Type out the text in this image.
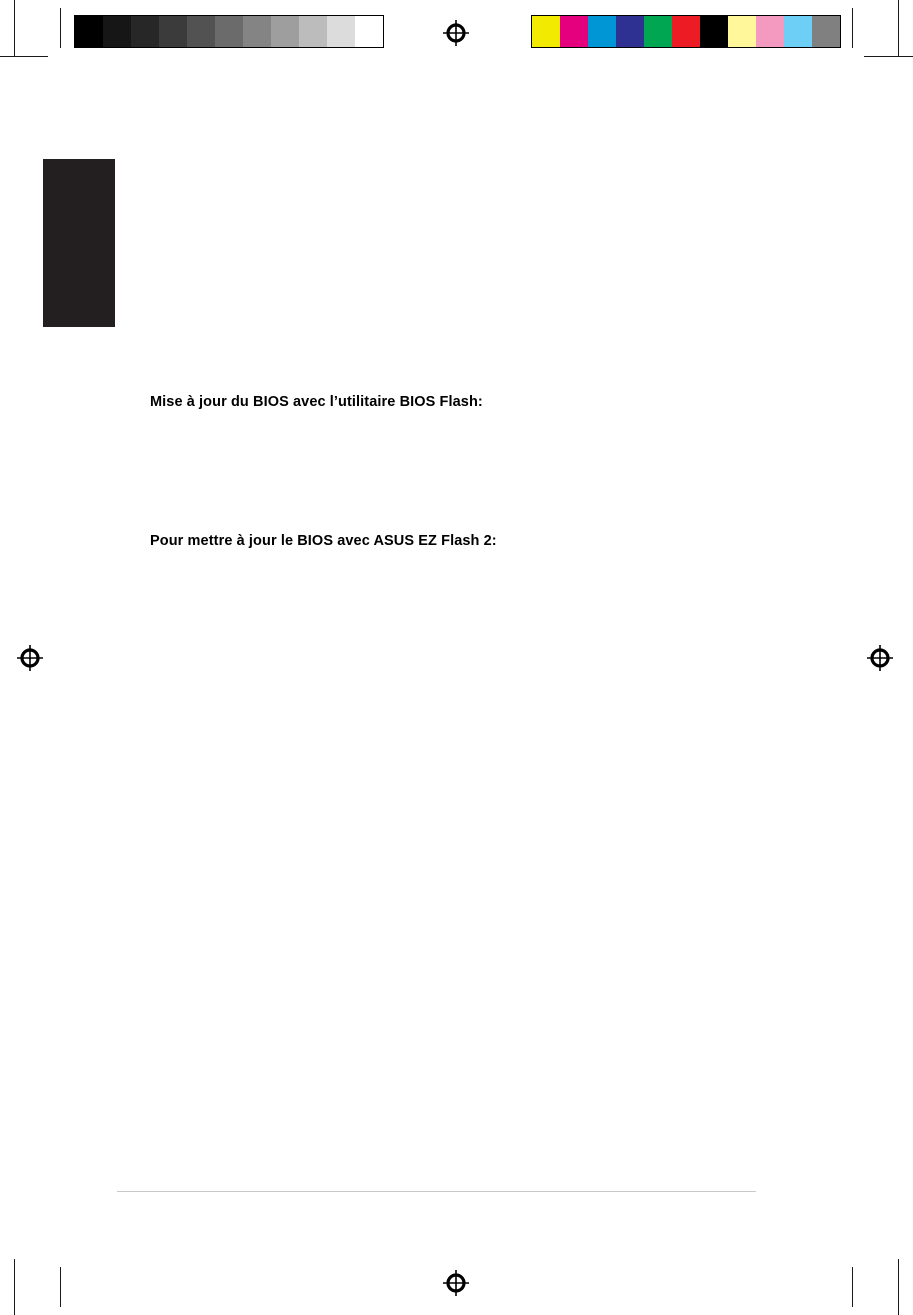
Mise à jour du BIOS avec l’utilitaire BIOS Flash:
Pour mettre à jour le BIOS avec ASUS EZ Flash 2:
